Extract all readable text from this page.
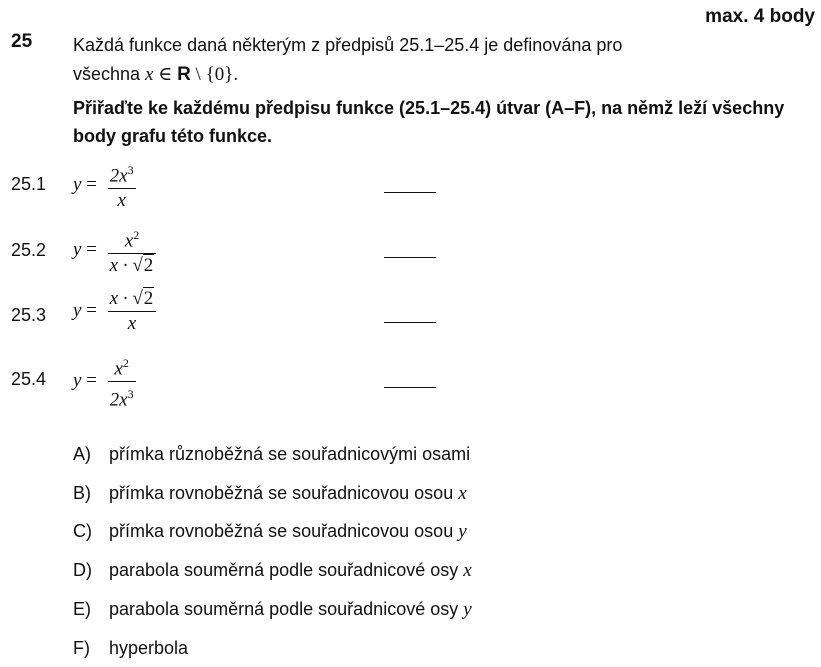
max. 4 body
25 Každá funkce daná některým z předpisů 25.1–25.4 je definována pro
všechna x ∈ R \ {0}.
Přiřaďte ke každému předpisu funkce (25.1–25.4) útvar (A–F), na němž leží všechny body grafu této funkce.
25.1 $y = \frac{2x^3}{x}$
25.2 $y = \frac{x^2}{x \cdot √2}$
25.3 $y = \frac{x \cdot √2}{x}$
25.4 $y = \frac{x^2}{2x^3}$
A) přímka různoběžná se souřadnicovými osami
B) přímka rovnoběžná se souřadnicovou osou x
C) přímka rovnoběžná se souřadnicovou osou y
D) parabola souměrná podle souřadnicové osy x
E) parabola souměrná podle souřadnicové osy y
F) hyperbola
